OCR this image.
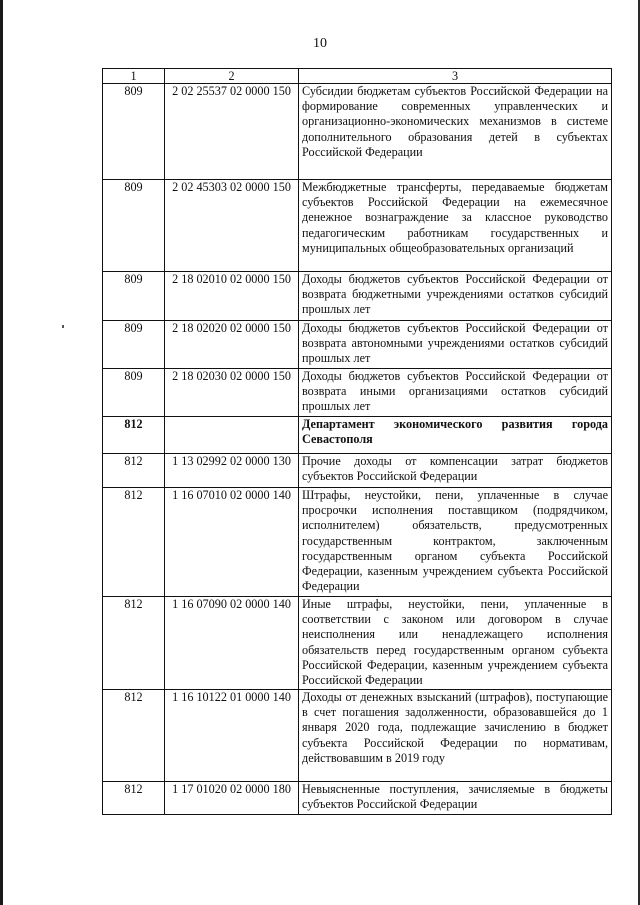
10
1	2	3
809	2 02 25537 02 0000 150	Субсидии бюджетам субъектов Российской Федерации на формирование современных управленческих и организационно-экономических механизмов в системе дополнительного образования детей в субъектах Российской Федерации
809	2 02 45303 02 0000 150	Межбюджетные трансферты, передаваемые бюджетам субъектов Российской Федерации на ежемесячное денежное вознаграждение за классное руководство педагогическим работникам государственных и муниципальных общеобразовательных организаций
809	2 18 02010 02 0000 150	Доходы бюджетов субъектов Российской Федерации от возврата бюджетными учреждениями остатков субсидий прошлых лет
809	2 18 02020 02 0000 150	Доходы бюджетов субъектов Российской Федерации от возврата автономными учреждениями остатков субсидий прошлых лет
809	2 18 02030 02 0000 150	Доходы бюджетов субъектов Российской Федерации от возврата иными организациями остатков субсидий прошлых лет
812		Департамент экономического развития города Севастополя
812	1 13 02992 02 0000 130	Прочие доходы от компенсации затрат бюджетов субъектов Российской Федерации
812	1 16 07010 02 0000 140	Штрафы, неустойки, пени, уплаченные в случае просрочки исполнения поставщиком (подрядчиком, исполнителем) обязательств, предусмотренных государственным контрактом, заключенным государственным органом субъекта Российской Федерации, казенным учреждением субъекта Российской Федерации
812	1 16 07090 02 0000 140	Иные штрафы, неустойки, пени, уплаченные в соответствии с законом или договором в случае неисполнения или ненадлежащего исполнения обязательств перед государственным органом субъекта Российской Федерации, казенным учреждением субъекта Российской Федерации
812	1 16 10122 01 0000 140	Доходы от денежных взысканий (штрафов), поступающие в счет погашения задолженности, образовавшейся до 1 января 2020 года, подлежащие зачислению в бюджет субъекта Российской Федерации по нормативам, действовавшим в 2019 году
812	1 17 01020 02 0000 180	Невыясненные поступления, зачисляемые в бюджеты субъектов Российской Федерации
